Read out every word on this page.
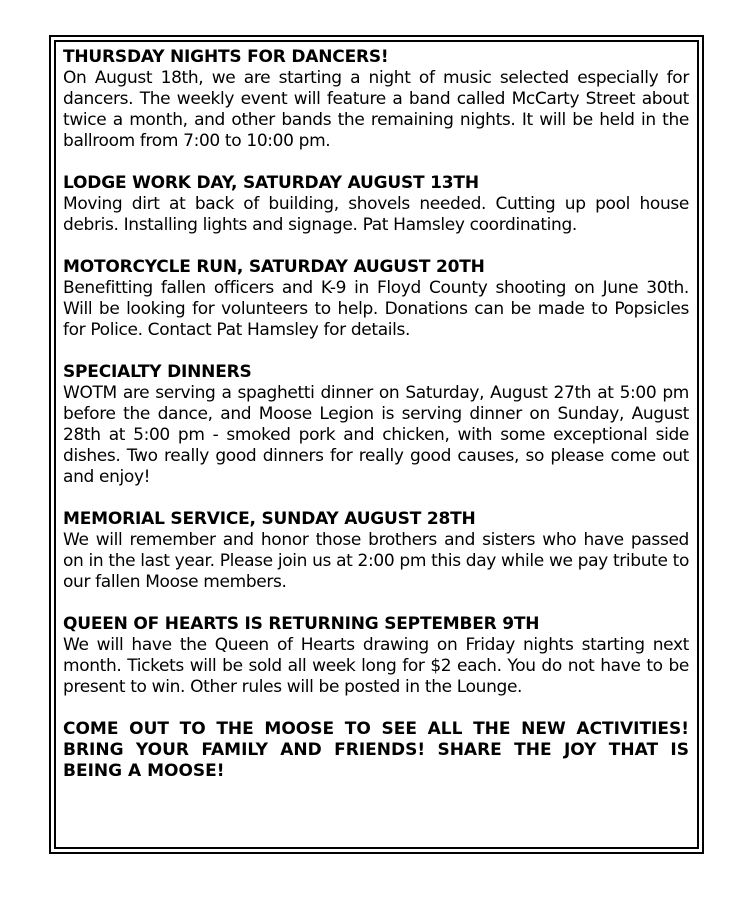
THURSDAY NIGHTS FOR DANCERS!

On August 18th, we are starting a night of music selected especially for dancers. The weekly event will feature a band called McCarty Street about twice a month, and other bands the remaining nights. It will be held in the ballroom from 7:00 to 10:00 pm.

LODGE WORK DAY, SATURDAY AUGUST 13TH

Moving dirt at back of building, shovels needed. Cutting up pool house debris. Installing lights and signage. Pat Hamsley coordinating.

MOTORCYCLE RUN, SATURDAY AUGUST 20TH

Benefitting fallen officers and K-9 in Floyd County shooting on June 30th. Will be looking for volunteers to help. Donations can be made to Popsicles for Police. Contact Pat Hamsley for details.

SPECIALTY DINNERS

WOTM are serving a spaghetti dinner on Saturday, August 27th at 5:00 pm before the dance, and Moose Legion is serving dinner on Sunday, August 28th at 5:00 pm - smoked pork and chicken, with some exceptional side dishes. Two really good dinners for really good causes, so please come out and enjoy!

MEMORIAL SERVICE, SUNDAY AUGUST 28TH

We will remember and honor those brothers and sisters who have passed on in the last year. Please join us at 2:00 pm this day while we pay tribute to our fallen Moose members.

QUEEN OF HEARTS IS RETURNING SEPTEMBER 9TH

We will have the Queen of Hearts drawing on Friday nights starting next month. Tickets will be sold all week long for $2 each. You do not have to be present to win. Other rules will be posted in the Lounge.

COME OUT TO THE MOOSE TO SEE ALL THE NEW ACTIVITIES! BRING YOUR FAMILY AND FRIENDS! SHARE THE JOY THAT IS BEING A MOOSE!
